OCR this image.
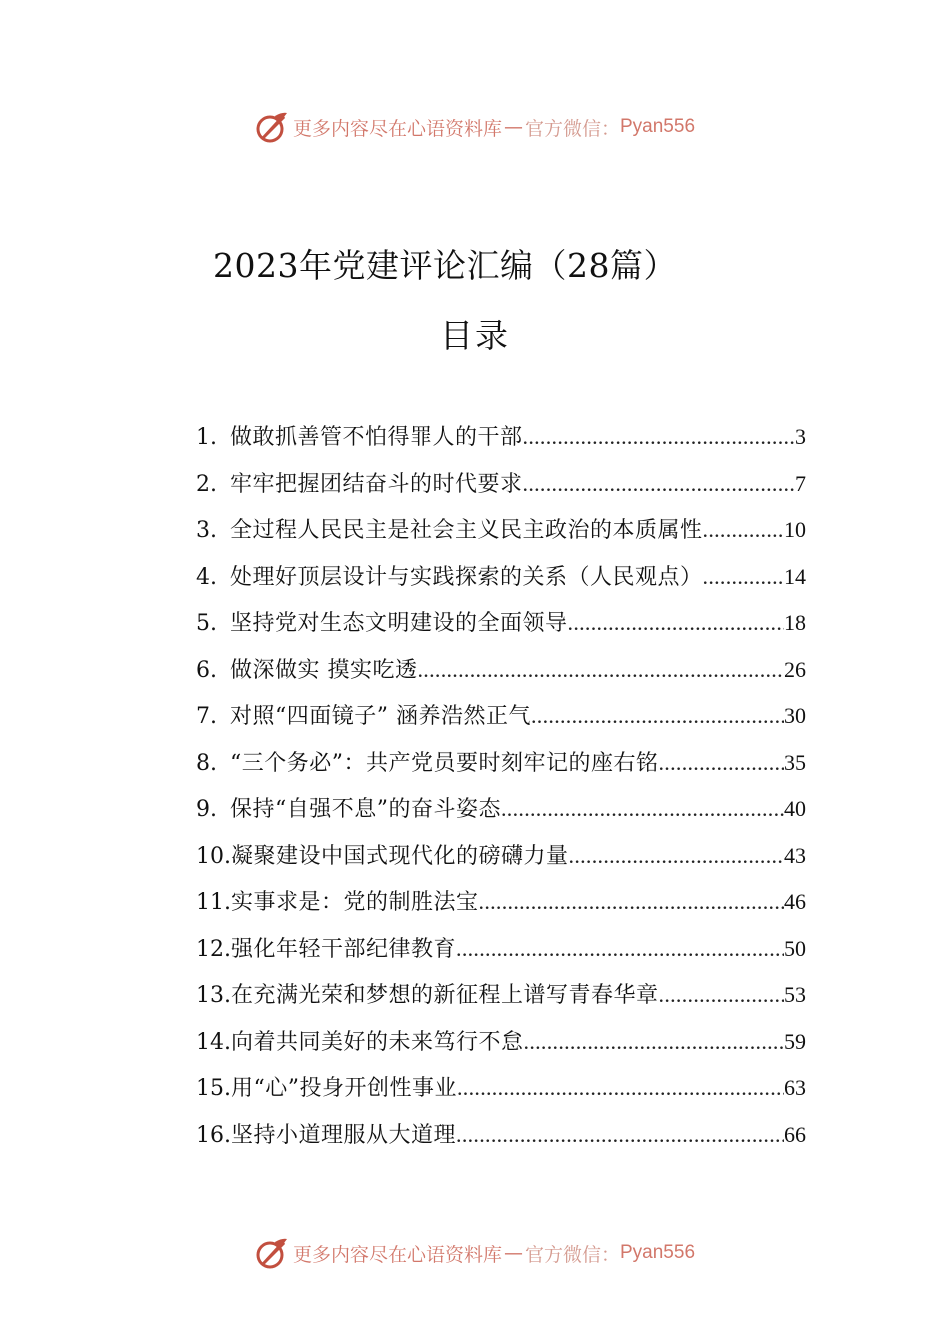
更多内容尽在心语资料库 — 官方微信： Pyan556
2023年党建评论汇编（28篇）
目录
1. 做敢抓善管不怕得罪人的干部 .....	3
2. 牢牢把握团结奋斗的时代要求 .....	7
3. 全过程人民民主是社会主义民主政治的本质属性 .....	10
4. 处理好顶层设计与实践探索的关系（人民观点） .....	14
5. 坚持党对生态文明建设的全面领导 .....	18
6. 做深做实 摸实吃透 .....	26
7. 对照“四面镜子” 涵养浩然正气 .....	30
8. “三个务必”：共产党员要时刻牢记的座右铭 .....	35
9. 保持“自强不息”的奋斗姿态 .....	40
10. 凝聚建设中国式现代化的磅礴力量 .....	43
11. 实事求是：党的制胜法宝 .....	46
12. 强化年轻干部纪律教育 .....	50
13. 在充满光荣和梦想的新征程上谱写青春华章 .....	53
14. 向着共同美好的未来笃行不怠 .....	59
15. 用“心”投身开创性事业 .....	63
16. 坚持小道理服从大道理 .....	66
更多内容尽在心语资料库 — 官方微信： Pyan556
